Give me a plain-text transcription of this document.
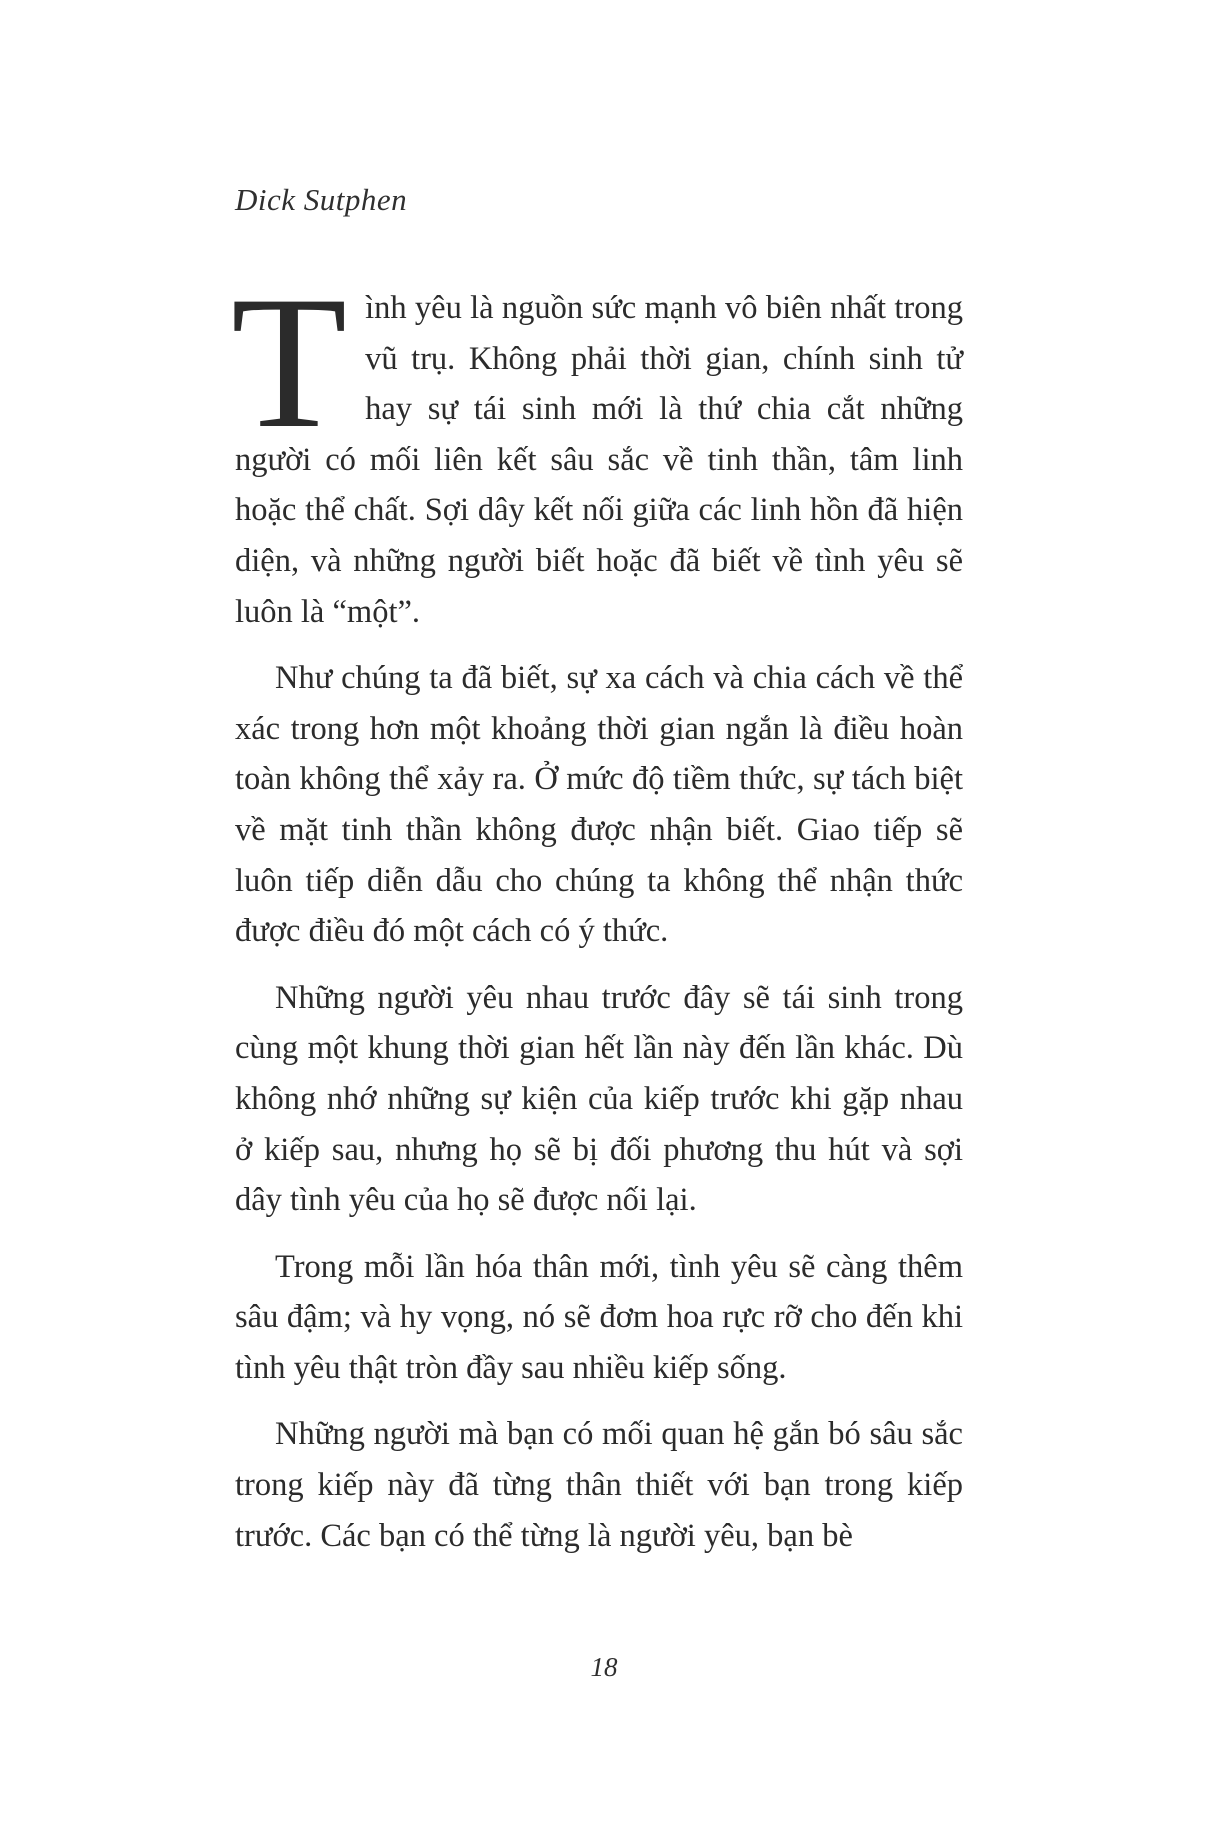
Dick Sutphen

Tình yêu là nguồn sức mạnh vô biên nhất trong vũ trụ. Không phải thời gian, chính sinh tử hay sự tái sinh mới là thứ chia cắt những người có mối liên kết sâu sắc về tinh thần, tâm linh hoặc thể chất. Sợi dây kết nối giữa các linh hồn đã hiện diện, và những người biết hoặc đã biết về tình yêu sẽ luôn là “một”.

Như chúng ta đã biết, sự xa cách và chia cách về thể xác trong hơn một khoảng thời gian ngắn là điều hoàn toàn không thể xảy ra. Ở mức độ tiềm thức, sự tách biệt về mặt tinh thần không được nhận biết. Giao tiếp sẽ luôn tiếp diễn dẫu cho chúng ta không thể nhận thức được điều đó một cách có ý thức.

Những người yêu nhau trước đây sẽ tái sinh trong cùng một khung thời gian hết lần này đến lần khác. Dù không nhớ những sự kiện của kiếp trước khi gặp nhau ở kiếp sau, nhưng họ sẽ bị đối phương thu hút và sợi dây tình yêu của họ sẽ được nối lại.

Trong mỗi lần hóa thân mới, tình yêu sẽ càng thêm sâu đậm; và hy vọng, nó sẽ đơm hoa rực rỡ cho đến khi tình yêu thật tròn đầy sau nhiều kiếp sống.

Những người mà bạn có mối quan hệ gắn bó sâu sắc trong kiếp này đã từng thân thiết với bạn trong kiếp trước. Các bạn có thể từng là người yêu, bạn bè

18
